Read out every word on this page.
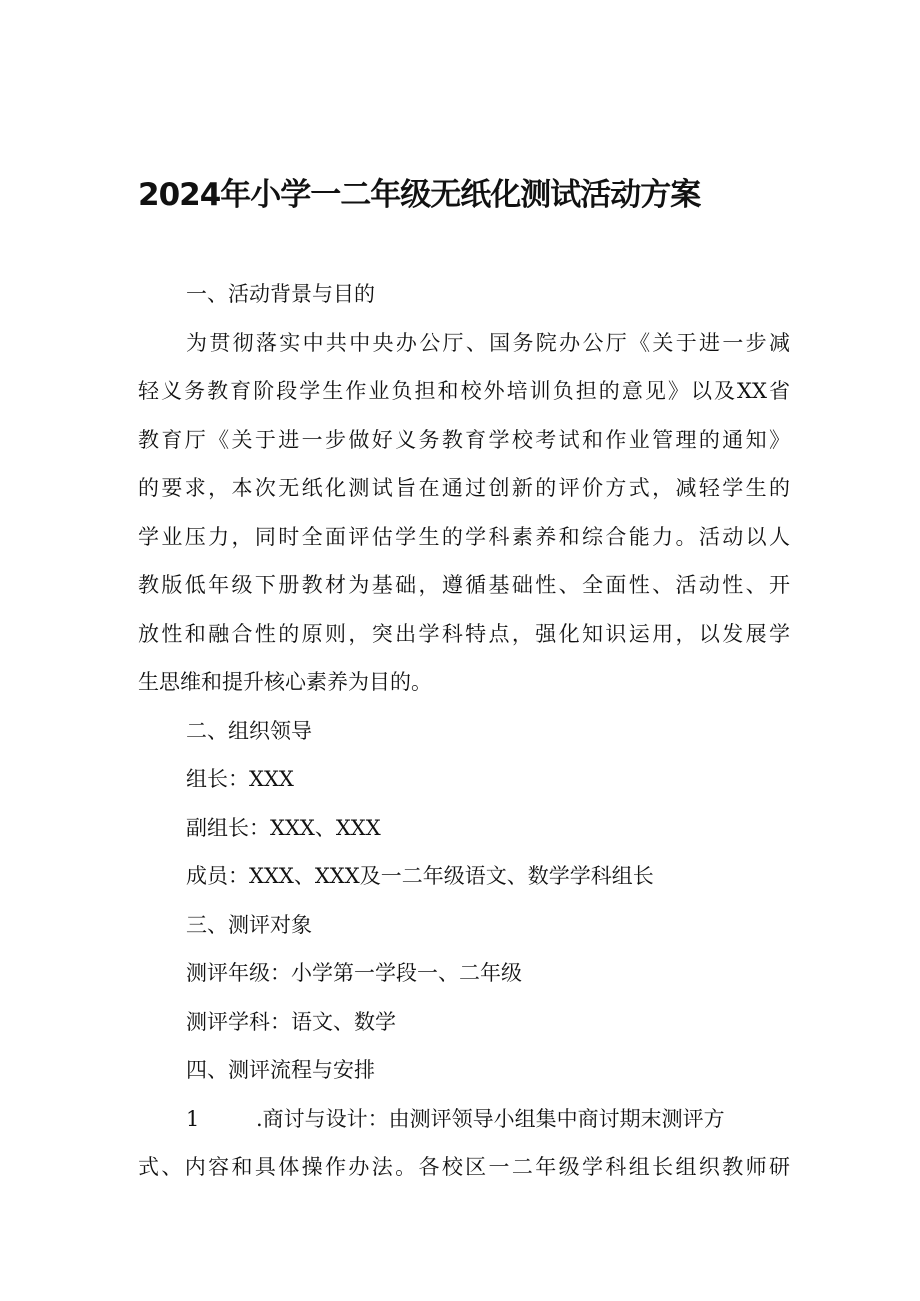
2024年小学一二年级无纸化测试活动方案
一、活动背景与目的
为贯彻落实中共中央办公厅、国务院办公厅《关于进一步减
轻义务教育阶段学生作业负担和校外培训负担的意见》以及XX省
教育厅《关于进一步做好义务教育学校考试和作业管理的通知》
的要求，本次无纸化测试旨在通过创新的评价方式，减轻学生的
学业压力，同时全面评估学生的学科素养和综合能力。活动以人
教版低年级下册教材为基础，遵循基础性、全面性、活动性、开
放性和融合性的原则，突出学科特点，强化知识运用，以发展学
生思维和提升核心素养为目的。
二、组织领导
组长：XXX
副组长：XXX、XXX
成员：XXX、XXX及一二年级语文、数学学科组长
三、测评对象
测评年级：小学第一学段一、二年级
测评学科：语文、数学
四、测评流程与安排
1	.商讨与设计：由测评领导小组集中商讨期末测评方
式、内容和具体操作办法。各校区一二年级学科组长组织教师研
